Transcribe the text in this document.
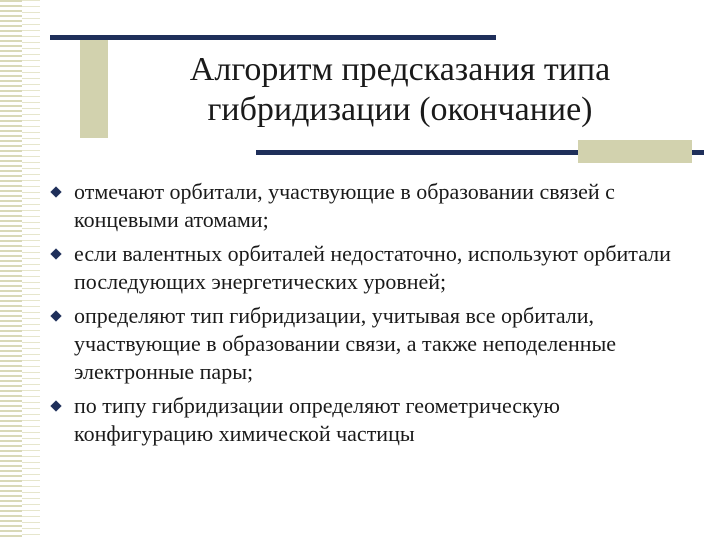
Алгоритм предсказания типа
гибридизации (окончание)
отмечают орбитали, участвующие в образовании связей с концевыми атомами;
если валентных орбиталей недостаточно, используют орбитали последующих энергетических уровней;
определяют тип гибридизации, учитывая все орбитали, участвующие в образовании связи, а также неподеленные электронные пары;
по типу гибридизации определяют геометрическую конфигурацию химической частицы
